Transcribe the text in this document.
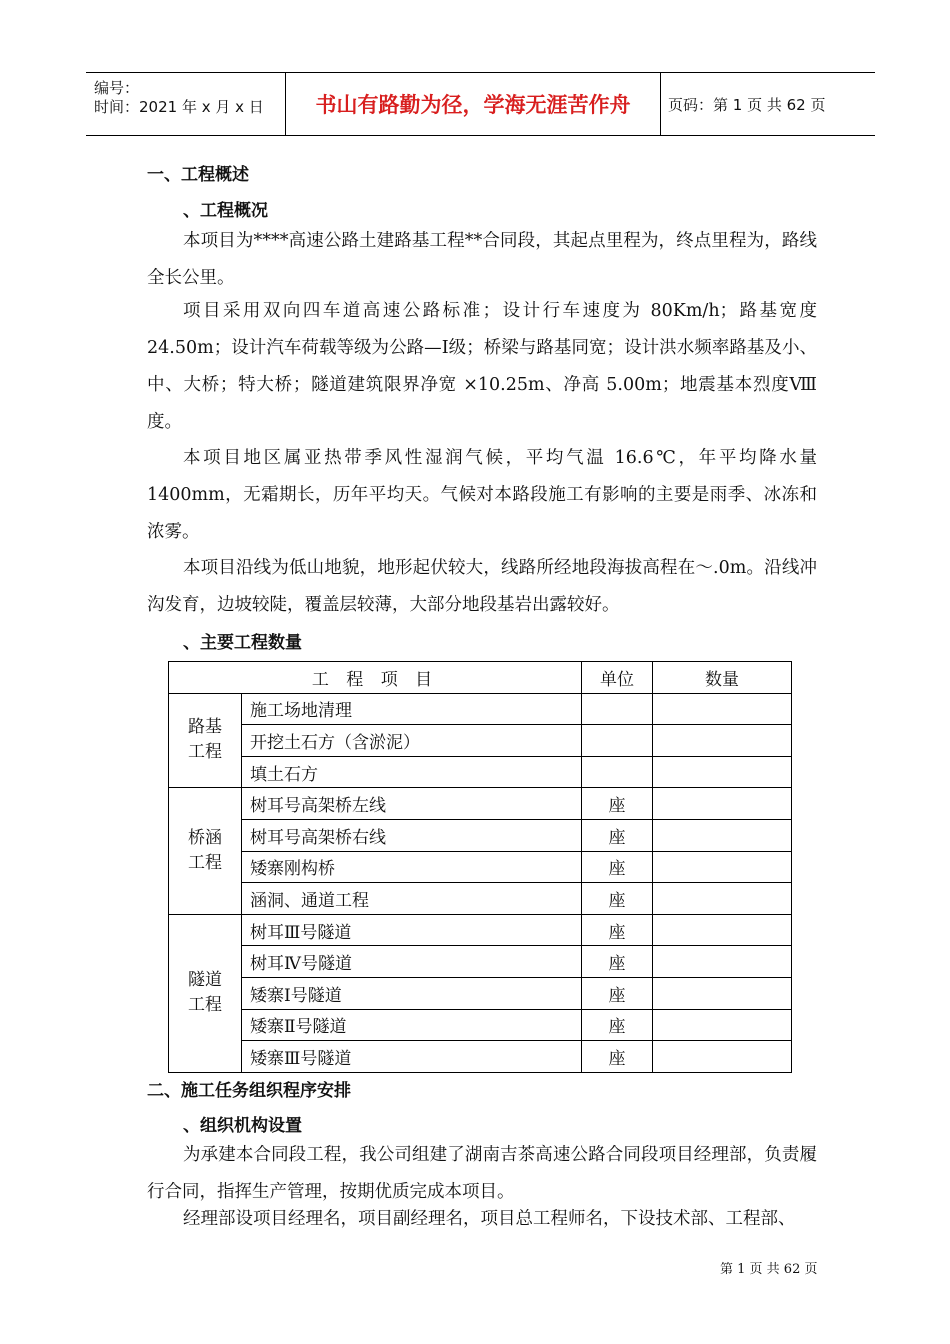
编号：
时间：2021 年 x 月 x 日	书山有路勤为径，学海无涯苦作舟	页码：第 1 页 共 62 页
一、工程概述
、工程概况
本项目为****高速公路土建路基工程**合同段，其起点里程为，终点里程为，路线全长公里。
项目采用双向四车道高速公路标准；设计行车速度为 80Km/h；路基宽度 24.50m；设计汽车荷载等级为公路—Ⅰ级；桥梁与路基同宽；设计洪水频率路基及小、中、大桥；特大桥；隧道建筑限界净宽 ×10.25m、净高 5.00m；地震基本烈度Ⅷ度。
本项目地区属亚热带季风性湿润气候，平均气温 16.6℃，年平均降水量 1400mm，无霜期长，历年平均天。气候对本路段施工有影响的主要是雨季、冰冻和浓雾。
本项目沿线为低山地貌，地形起伏较大，线路所经地段海拔高程在～.0m。沿线冲沟发育，边坡较陡，覆盖层较薄，大部分地段基岩出露较好。
、主要工程数量
工 程 项 目		单位	数量
路基
工程	施工场地清理		
	开挖土石方（含淤泥）		
	填土石方		
桥涵
工程	树耳号高架桥左线	座	
	树耳号高架桥右线	座	
	矮寨刚构桥	座	
	涵洞、通道工程	座	
隧道
工程	树耳Ⅲ号隧道	座	
	树耳Ⅳ号隧道	座	
	矮寨Ⅰ号隧道	座	
	矮寨Ⅱ号隧道	座	
	矮寨Ⅲ号隧道	座	
二、施工任务组织程序安排
、组织机构设置
为承建本合同段工程，我公司组建了湖南吉茶高速公路合同段项目经理部，负责履行合同，指挥生产管理，按期优质完成本项目。
经理部设项目经理名，项目副经理名，项目总工程师名，下设技术部、工程部、
第 1 页 共 62 页
